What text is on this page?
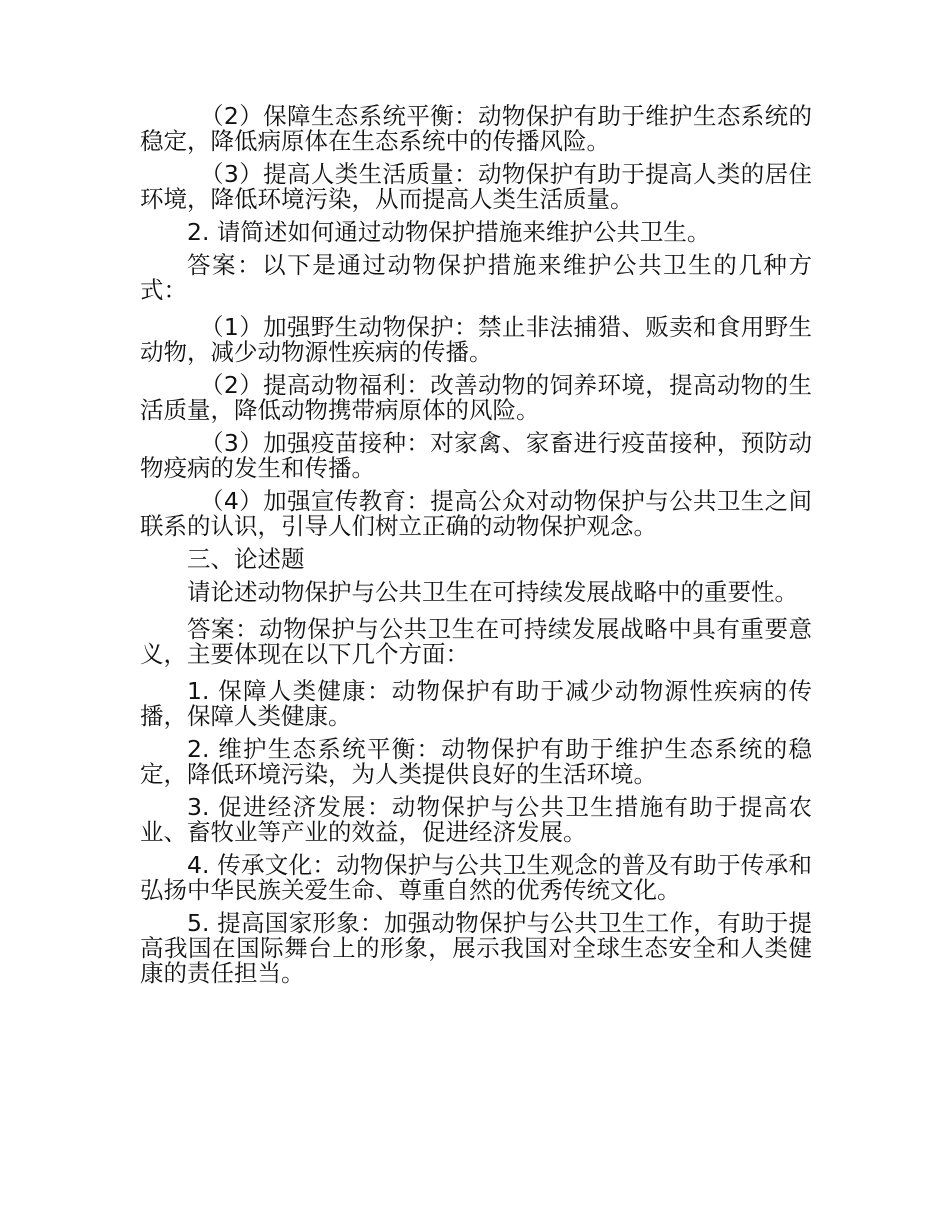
（2）保障生态系统平衡：动物保护有助于维护生态系统的稳定，降低病原体在生态系统中的传播风险。

（3）提高人类生活质量：动物保护有助于提高人类的居住环境，降低环境污染，从而提高人类生活质量。

2. 请简述如何通过动物保护措施来维护公共卫生。

答案：以下是通过动物保护措施来维护公共卫生的几种方式：

（1）加强野生动物保护：禁止非法捕猎、贩卖和食用野生动物，减少动物源性疾病的传播。

（2）提高动物福利：改善动物的饲养环境，提高动物的生活质量，降低动物携带病原体的风险。

（3）加强疫苗接种：对家禽、家畜进行疫苗接种，预防动物疫病的发生和传播。

（4）加强宣传教育：提高公众对动物保护与公共卫生之间联系的认识，引导人们树立正确的动物保护观念。

三、论述题

请论述动物保护与公共卫生在可持续发展战略中的重要性。

答案：动物保护与公共卫生在可持续发展战略中具有重要意义，主要体现在以下几个方面：

1. 保障人类健康：动物保护有助于减少动物源性疾病的传播，保障人类健康。

2. 维护生态系统平衡：动物保护有助于维护生态系统的稳定，降低环境污染，为人类提供良好的生活环境。

3. 促进经济发展：动物保护与公共卫生措施有助于提高农业、畜牧业等产业的效益，促进经济发展。

4. 传承文化：动物保护与公共卫生观念的普及有助于传承和弘扬中华民族关爱生命、尊重自然的优秀传统文化。

5. 提高国家形象：加强动物保护与公共卫生工作，有助于提高我国在国际舞台上的形象，展示我国对全球生态安全和人类健康的责任担当。
